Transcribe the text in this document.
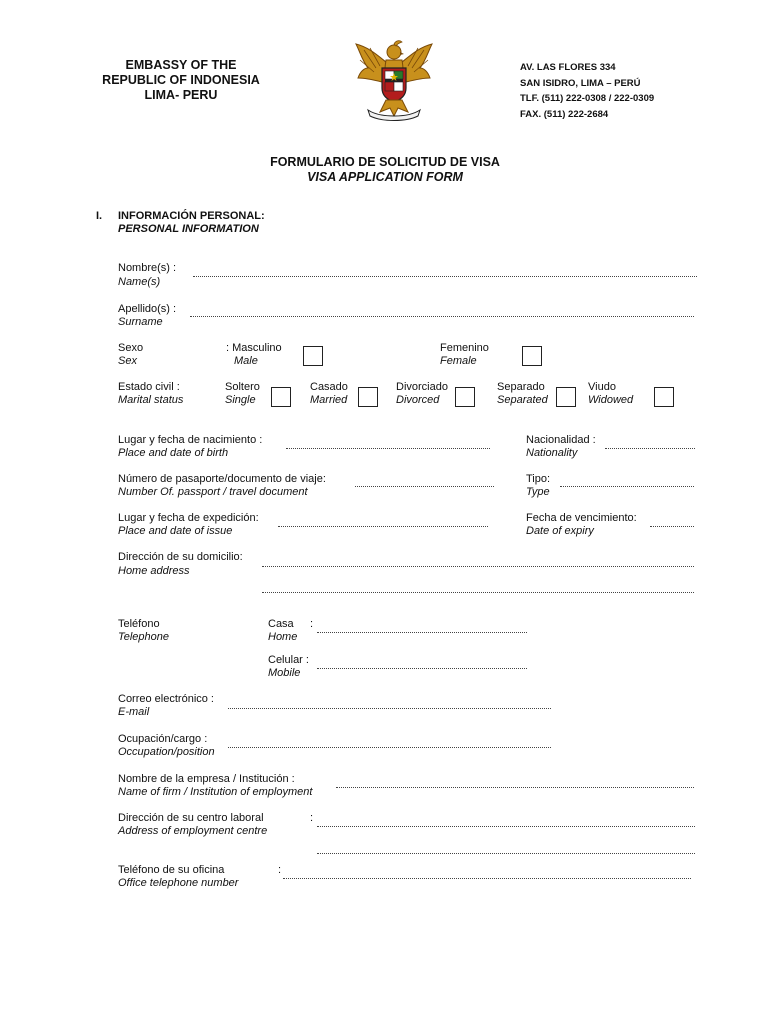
EMBASSY OF THE
REPUBLIC OF INDONESIA
LIMA- PERU
AV. LAS FLORES 334
SAN ISIDRO, LIMA – PERÚ
TLF. (511) 222-0308 / 222-0309
FAX. (511) 222-2684
FORMULARIO DE SOLICITUD DE VISA
VISA APPLICATION FORM
I. INFORMACIÓN PERSONAL:
PERSONAL INFORMATION
Nombre(s) :
Name(s)
Apellido(s) :
Surname
Sexo
Sex
: Masculino
Male
Femenino
Female
Estado civil :
Marital status
Soltero
Single
Casado
Married
Divorciado
Divorced
Separado
Separated
Viudo
Widowed
Lugar y fecha de nacimiento :
Place and date of birth
Nacionalidad :
Nationality
Número de pasaporte/documento de viaje:
Number Of. passport / travel document
Tipo:
Type
Lugar y fecha de expedición:
Place and date of issue
Fecha de vencimiento:
Date of expiry
Dirección de su domicilio:
Home address
Teléfono
Telephone
Casa
Home
:
Celular :
Mobile
Correo electrónico :
E-mail
Ocupación/cargo :
Occupation/position
Nombre de la empresa / Institución :
Name of firm / Institution of employment
Dirección de su centro laboral
Address of employment centre
:
Teléfono de su oficina
Office telephone number
:
